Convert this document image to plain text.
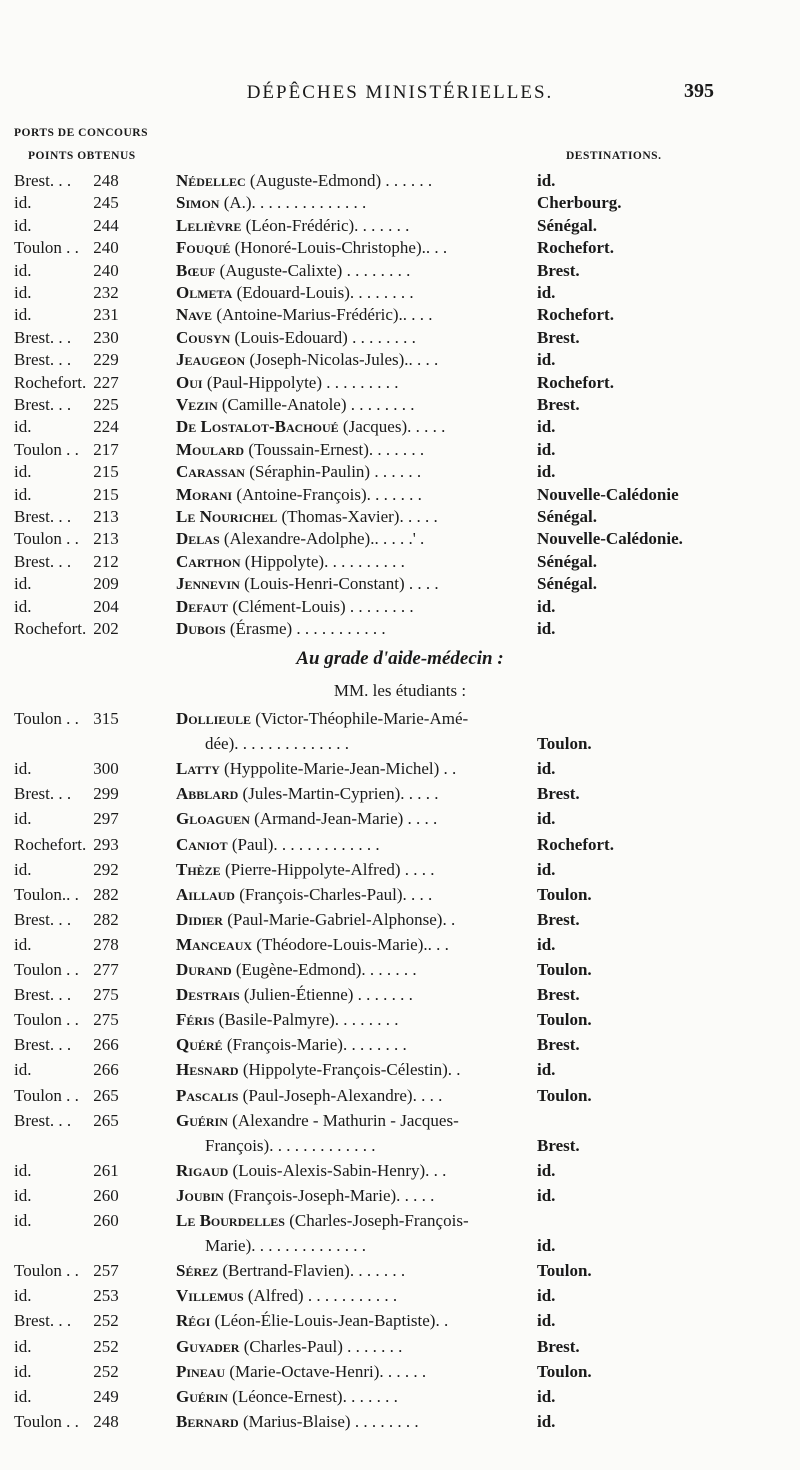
DÉPÊCHES MINISTÉRIELLES.	395
PORTS DE CONCOURS
POINTS OBTENUS	DESTINATIONS.
Brest. . .	248	Nédellec (Auguste-Edmond) . . . . . .	id.
id.	245	Simon (A.). . . . . . . . . . . . . .	Cherbourg.
id.	244	Lelièvre (Léon-Frédéric). . . . . . .	Sénégal.
Toulon . . 240	Fouqué (Honoré-Louis-Christophe).. . .	Rochefort.
id.	240	Bœuf (Auguste-Calixte) . . . . . . . .	Brest.
id.	232	Olmeta (Edouard-Louis). . . . . . . .	id.
id.	231	Nave (Antoine-Marius-Frédéric).. . . .	Rochefort.
Brest. . .	230	Cousyn (Louis-Edouard) . . . . . . . .	Brest.
Brest. . .	229	Jeaugeon (Joseph-Nicolas-Jules).. . . .	id.
Rochefort. 227	Oui (Paul-Hippolyte) . . . . . . . . .	Rochefort.
Brest. . .	225	Vezin (Camille-Anatole) . . . . . . . .	Brest.
id.	224	De Lostalot-Bachoué (Jacques). . . . .	id.
Toulon . . 217	Moulard (Toussain-Ernest). . . . . . .	id.
id.	215	Carassan (Séraphin-Paulin) . . . . . .	id.
id.	215	Morani (Antoine-François). . . . . . .	Nouvelle-Calédonie
Brest. . .	213	Le Nourichel (Thomas-Xavier). . . . .	Sénégal.
Toulon . . 213	Delas (Alexandre-Adolphe).. . . . .' .	Nouvelle-Calédonie.
Brest. . .	212	Carthon (Hippolyte). . . . . . . . . .	Sénégal.
id.	209	Jennevin (Louis-Henri-Constant) . . . .	Sénégal.
id.	204	Defaut (Clément-Louis) . . . . . . . .	id.
Rochefort. 202	Dubois (Érasme) . . . . . . . . . . .	id.
Au grade d'aide-médecin :
MM. les étudiants :
Toulon . . 315	Dollieule (Victor-Théophile-Marie-Amé-
dée). . . . . . . . . . . . . .	Toulon.
id.	300	Latty (Hyppolite-Marie-Jean-Michel) . .	id.
Brest. . .	299	Abblard (Jules-Martin-Cyprien). . . . .	Brest.
id.	297	Gloaguen (Armand-Jean-Marie) . . . .	id.
Rochefort. 293	Caniot (Paul). . . . . . . . . . . . .	Rochefort.
id.	292	Thèze (Pierre-Hippolyte-Alfred) . . . .	id.
Toulon.. . 282	Aillaud (François-Charles-Paul). . . .	Toulon.
Brest. . .	282	Didier (Paul-Marie-Gabriel-Alphonse). .	Brest.
id.	278	Manceaux (Théodore-Louis-Marie).. . .	id.
Toulon . . 277	Durand (Eugène-Edmond). . . . . . .	Toulon.
Brest. . .	275	Destrais (Julien-Étienne) . . . . . . .	Brest.
Toulon . . 275	Féris (Basile-Palmyre). . . . . . . .	Toulon.
Brest. . .	266	Quéré (François-Marie). . . . . . . .	Brest.
id.	266	Hesnard (Hippolyte-François-Célestin). .	id.
Toulon . . 265	Pascalis (Paul-Joseph-Alexandre). . . .	Toulon.
Brest. . .	265	Guérin (Alexandre - Mathurin - Jacques-
François). . . . . . . . . . . . .	Brest.
id.	261	Rigaud (Louis-Alexis-Sabin-Henry). . .	id.
id.	260	Joubin (François-Joseph-Marie). . . . .	id.
id.	260	Le Bourdelles (Charles-Joseph-François-
Marie). . . . . . . . . . . . . .	id.
Toulon . . 257	Sérez (Bertrand-Flavien). . . . . . .	Toulon.
id.	253	Villemus (Alfred) . . . . . . . . . . .	id.
Brest. . .	252	Régi (Léon-Élie-Louis-Jean-Baptiste). .	id.
id.	252	Guyader (Charles-Paul) . . . . . . .	Brest.
id.	252	Pineau (Marie-Octave-Henri). . . . . .	Toulon.
id.	249	Guérin (Léonce-Ernest). . . . . . .	id.
Toulon . . 248	Bernard (Marius-Blaise) . . . . . . . .	id.
